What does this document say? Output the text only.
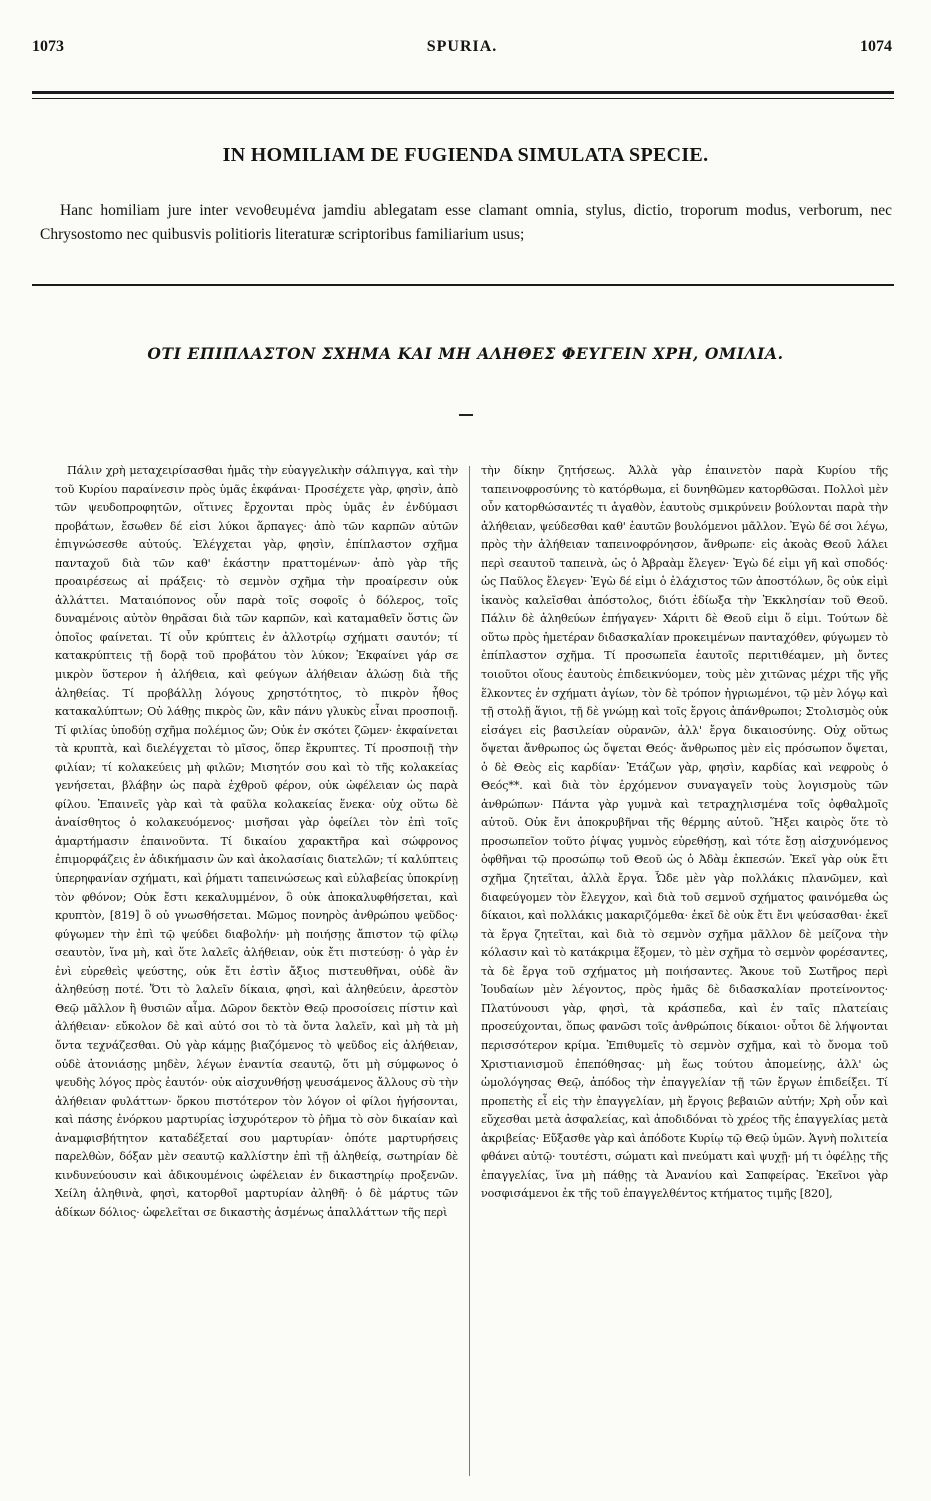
1073	SPURIA.	1074
IN HOMILIAM DE FUGIENDA SIMULATA SPECIE.

Hanc homiliam jure inter νενοθευμένα jamdiu ablegatam esse clamant omnia, stylus, dictio, troporum modus, verborum, nec Chrysostomo nec quibusvis politioris literaturæ scriptoribus familiarium usus;

ΟΤΙ ΕΠΙΠΛΑΣΤΟΝ ΣΧΗΜΑ ΚΑΙ ΜΗ ΑΛΗΘΕΣ ΦΕΥΓΕΙΝ ΧΡΗ, ΟΜΙΛΙΑ.

Πάλιν χρὴ μεταχειρίσασθαι ἡμᾶς τὴν εὐαγγελικὴν σάλπιγγα, καὶ τὴν τοῦ Κυρίου παραίνεσιν πρὸς ὑμᾶς ἐκφάναι· Προσέχετε γὰρ, φησὶν, ἀπὸ τῶν ψευδοπροφητῶν, οἵτινες ἔρχονται πρὸς ὑμᾶς ἐν ἐνδύμασι προβάτων, ἔσωθεν δέ εἰσι λύκοι ἅρπαγες· ἀπὸ τῶν καρπῶν αὐτῶν ἐπιγνώσεσθε αὐτούς. Ἐλέγχεται γὰρ, φησὶν, ἐπίπλαστον σχῆμα πανταχοῦ διὰ τῶν καθ' ἑκάστην πραττομένων· ἀπὸ γὰρ τῆς προαιρέσεως αἱ πράξεις· τὸ σεμνὸν σχῆμα τὴν προαίρεσιν οὐκ ἀλλάττει. Ματαιόπονος οὖν παρὰ τοῖς σοφοῖς ὁ δόλερος, τοῖς δυναμένοις αὐτὸν θηρᾶσαι διὰ τῶν καρπῶν, καὶ καταμαθεῖν ὅστις ὢν ὁποῖος φαίνεται. Τί οὖν κρύπτεις ἐν ἀλλοτρίῳ σχήματι σαυτόν; τί κατακρύπτεις τῇ δορᾷ τοῦ προβάτου τὸν λύκον; Ἐκφαίνει γάρ σε μικρὸν ὕστερον ἡ ἀλήθεια, καὶ φεύγων ἀλήθειαν ἁλώσῃ διὰ τῆς ἀληθείας. Τί προβάλλῃ λόγους χρηστότητος, τὸ πικρὸν ἦθος κατακαλύπτων; Οὐ λάθῃς πικρὸς ὢν, κἂν πάνυ γλυκὺς εἶναι προσποιῇ. Τί φιλίας ὑποδύῃ σχῆμα πολέμιος ὤν; Οὐκ ἐν σκότει ζῶμεν· ἐκφαίνεται τὰ κρυπτὰ, καὶ διελέγχεται τὸ μῖσος, ὅπερ ἔκρυπτες. Τί προσποιῇ τὴν φιλίαν; τί κολακεύεις μὴ φιλῶν; Μισητόν σου καὶ τὸ τῆς κολακείας γενήσεται, βλάβην ὡς παρὰ ἐχθροῦ φέρον, οὐκ ὠφέλειαν ὡς παρὰ φίλου. Ἐπαινεῖς γὰρ καὶ τὰ φαῦλα κολακείας ἕνεκα· οὐχ οὕτω δὲ ἀναίσθητος ὁ κολακευόμενος· μισῆσαι γὰρ ὀφείλει τὸν ἐπὶ τοῖς ἁμαρτήμασιν ἐπαινοῦντα. Τί δικαίου χαρακτῆρα καὶ σώφρονος ἐπιμορφάζεις ἐν ἀδικήμασιν ὢν καὶ ἀκολασίαις διατελῶν; τί καλύπτεις ὑπερηφανίαν σχήματι, καὶ ῥήματι ταπεινώσεως καὶ εὐλαβείας ὑποκρίνῃ τὸν φθόνον; Οὐκ ἔστι κεκαλυμμένον, ὃ οὐκ ἀποκαλυφθήσεται, καὶ κρυπτὸν, [819] ὃ οὐ γνωσθήσεται. Μῶμος πονηρὸς ἀνθρώπου ψεῦδος· φύγωμεν τὴν ἐπὶ τῷ ψεύδει διαβολήν· μὴ ποιήσῃς ἄπιστον τῷ φίλῳ σεαυτὸν, ἵνα μὴ, καὶ ὅτε λαλεῖς ἀλήθειαν, οὐκ ἔτι πιστεύσῃ· ὁ γὰρ ἐν ἑνὶ εὑρεθεὶς ψεύστης, οὐκ ἔτι ἐστὶν ἄξιος πιστευθῆναι, οὐδὲ ἂν ἀληθεύσῃ ποτέ. Ὅτι τὸ λαλεῖν δίκαια, φησὶ, καὶ ἀληθεύειν, ἀρεστὸν Θεῷ μᾶλλον ἢ θυσιῶν αἷμα. Δῶρον δεκτὸν Θεῷ προσοίσεις πίστιν καὶ ἀλήθειαν· εὔκολον δὲ καὶ αὐτό σοι τὸ τὰ ὄντα λαλεῖν, καὶ μὴ τὰ μὴ ὄντα τεχνάζεσθαι. Οὐ γὰρ κάμῃς βιαζόμενος τὸ ψεῦδος εἰς ἀλήθειαν, οὐδὲ ἀτονιάσῃς μηδὲν, λέγων ἐναντία σεαυτῷ, ὅτι μὴ σύμφωνος ὁ ψευδὴς λόγος πρὸς ἑαυτόν· οὐκ αἰσχυνθήσῃ ψευσάμενος ἄλλους σὺ τὴν ἀλήθειαν φυλάττων· ὅρκου πιστότερον τὸν λόγον οἱ φίλοι ἡγήσονται, καὶ πάσης ἐνόρκου μαρτυρίας ἰσχυρότερον τὸ ῥῆμα τὸ σὸν δικαίαν καὶ ἀναμφισβήτητον καταδέξεταί σου μαρτυρίαν· ὁπότε μαρτυρήσεις παρελθὼν, δόξαν μὲν σεαυτῷ καλλίστην ἐπὶ τῇ ἀληθείᾳ, σωτηρίαν δὲ κινδυνεύουσιν καὶ ἀδικουμένοις ὠφέλειαν ἐν δικαστηρίῳ προξενῶν. Χείλη ἀληθινὰ, φησὶ, κατορθοῖ μαρτυρίαν ἀληθῆ· ὁ δὲ μάρτυς τῶν ἀδίκων δόλιος· ὠφελεῖται σε δικαστὴς ἀσμένως ἀπαλλάττων τῆς περὶ

τὴν δίκην ζητήσεως. Ἀλλὰ γὰρ ἐπαινετὸν παρὰ Κυρίου τῆς ταπεινοφροσύνης τὸ κατόρθωμα, εἰ δυνηθῶμεν κατορθῶσαι. Πολλοὶ μὲν οὖν κατορθώσαντές τι ἀγαθὸν, ἑαυτοὺς σμικρύνειν βούλονται παρὰ τὴν ἀλήθειαν, ψεύδεσθαι καθ' ἑαυτῶν βουλόμενοι μᾶλλον. Ἐγὼ δέ σοι λέγω, πρὸς τὴν ἀλήθειαν ταπεινοφρόνησον, ἄνθρωπε· εἰς ἀκοὰς Θεοῦ λάλει περὶ σεαυτοῦ ταπεινὰ, ὡς ὁ Ἀβραὰμ ἔλεγεν· Ἐγὼ δέ εἰμι γῆ καὶ σποδός· ὡς Παῦλος ἔλεγεν· Ἐγὼ δέ εἰμι ὁ ἐλάχιστος τῶν ἀποστόλων, ὃς οὐκ εἰμὶ ἱκανὸς καλεῖσθαι ἀπόστολος, διότι ἐδίωξα τὴν Ἐκκλησίαν τοῦ Θεοῦ. Πάλιν δὲ ἀληθεύων ἐπήγαγεν· Χάριτι δὲ Θεοῦ εἰμι ὅ εἰμι. Τούτων δὲ οὕτω πρὸς ἡμετέραν διδασκαλίαν προκειμένων πανταχόθεν, φύγωμεν τὸ ἐπίπλαστον σχῆμα. Τί προσωπεῖα ἑαυτοῖς περιτιθέαμεν, μὴ ὄντες τοιοῦτοι οἵους ἑαυτοὺς ἐπιδεικνύομεν, τοὺς μὲν χιτῶνας μέχρι τῆς γῆς ἕλκοντες ἐν σχήματι ἁγίων, τὸν δὲ τρόπον ἠγριωμένοι, τῷ μὲν λόγῳ καὶ τῇ στολῇ ἅγιοι, τῇ δὲ γνώμῃ καὶ τοῖς ἔργοις ἀπάνθρωποι; Στολισμὸς οὐκ εἰσάγει εἰς βασιλείαν οὐρανῶν, ἀλλ' ἔργα δικαιοσύνης. Οὐχ οὕτως ὄψεται ἄνθρωπος ὡς ὄψεται Θεός· ἄνθρωπος μὲν εἰς πρόσωπον ὄψεται, ὁ δὲ Θεὸς εἰς καρδίαν· Ἐτάζων γὰρ, φησὶν, καρδίας καὶ νεφροὺς ὁ Θεός**. καὶ διὰ τὸν ἐρχόμενον συναγαγεῖν τοὺς λογισμοὺς τῶν ἀνθρώπων· Πάντα γὰρ γυμνὰ καὶ τετραχηλισμένα τοῖς ὀφθαλμοῖς αὐτοῦ. Οὐκ ἔνι ἀποκρυβῆναι τῆς θέρμης αὐτοῦ. Ἥξει καιρὸς ὅτε τὸ προσωπεῖον τοῦτο ῥίψας γυμνὸς εὑρεθήσῃ, καὶ τότε ἔσῃ αἰσχυνόμενος ὀφθῆναι τῷ προσώπῳ τοῦ Θεοῦ ὡς ὁ Ἀδὰμ ἐκπεσών. Ἐκεῖ γὰρ οὐκ ἔτι σχῆμα ζητεῖται, ἀλλὰ ἔργα. Ὧδε μὲν γὰρ πολλάκις πλανῶμεν, καὶ διαφεύγομεν τὸν ἔλεγχον, καὶ διὰ τοῦ σεμνοῦ σχήματος φαινόμεθα ὡς δίκαιοι, καὶ πολλάκις μακαριζόμεθα· ἐκεῖ δὲ οὐκ ἔτι ἔνι ψεύσασθαι· ἐκεῖ τὰ ἔργα ζητεῖται, καὶ διὰ τὸ σεμνὸν σχῆμα μᾶλλον δὲ μείζονα τὴν κόλασιν καὶ τὸ κατάκριμα ἕξομεν, τὸ μὲν σχῆμα τὸ σεμνὸν φορέσαντες, τὰ δὲ ἔργα τοῦ σχήματος μὴ ποιήσαντες. Ἄκουε τοῦ Σωτῆρος περὶ Ἰουδαίων μὲν λέγοντος, πρὸς ἡμᾶς δὲ διδασκαλίαν προτείνοντος· Πλατύνουσι γὰρ, φησὶ, τὰ κράσπεδα, καὶ ἐν ταῖς πλατείαις προσεύχονται, ὅπως φανῶσι τοῖς ἀνθρώποις δίκαιοι· οὗτοι δὲ λήψονται περισσότερον κρίμα. Ἐπιθυμεῖς τὸ σεμνὸν σχῆμα, καὶ τὸ ὄνομα τοῦ Χριστιανισμοῦ ἐπεπόθησας· μὴ ἕως τούτου ἀπομείνῃς, ἀλλ' ὡς ὡμολόγησας Θεῷ, ἀπόδος τὴν ἐπαγγελίαν τῇ τῶν ἔργων ἐπιδείξει. Τί προπετὴς εἶ εἰς τὴν ἐπαγγελίαν, μὴ ἔργοις βεβαιῶν αὐτήν; Χρὴ οὖν καὶ εὔχεσθαι μετὰ ἀσφαλείας, καὶ ἀποδιδόναι τὸ χρέος τῆς ἐπαγγελίας μετὰ ἀκριβείας· Εὔξασθε γὰρ καὶ ἀπόδοτε Κυρίῳ τῷ Θεῷ ὑμῶν. Ἁγνὴ πολιτεία φθάνει αὐτῷ· τουτέστι, σώματι καὶ πνεύματι καὶ ψυχῇ· μή τι ὀφέλῃς τῆς ἐπαγγελίας, ἵνα μὴ πάθῃς τὰ Ἀνανίου καὶ Σαπφείρας. Ἐκεῖνοι γὰρ νοσφισάμενοι ἐκ τῆς τοῦ ἐπαγγελθέντος κτήματος τιμῆς [820],
